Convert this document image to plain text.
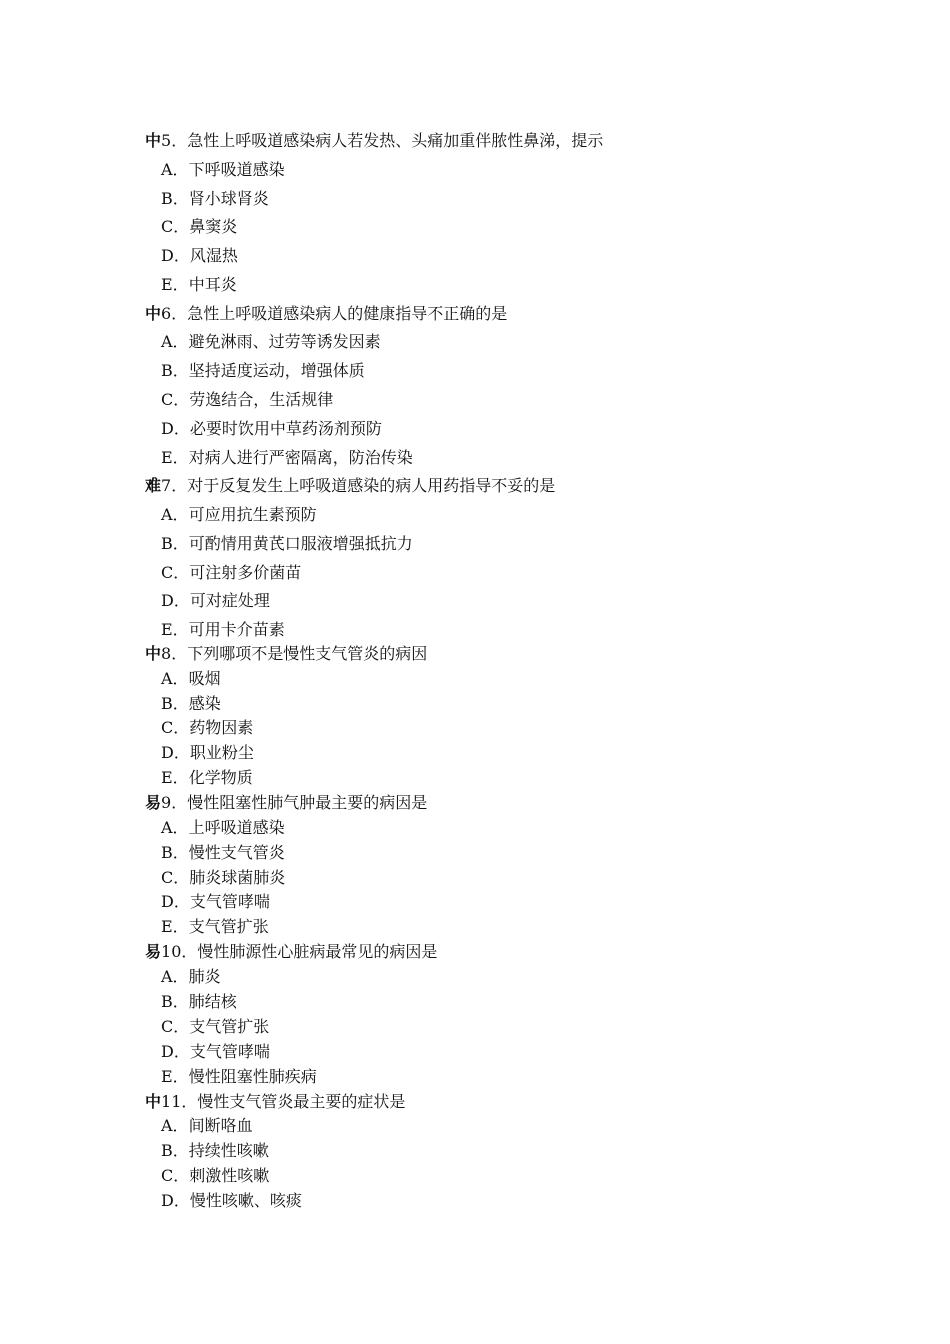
中5．急性上呼吸道感染病人若发热、头痛加重伴脓性鼻涕，提示
A．下呼吸道感染
B．肾小球肾炎
C．鼻窦炎
D．风湿热
E．中耳炎
中6．急性上呼吸道感染病人的健康指导不正确的是
A．避免淋雨、过劳等诱发因素
B．坚持适度运动，增强体质
C．劳逸结合，生活规律
D．必要时饮用中草药汤剂预防
E．对病人进行严密隔离，防治传染
难7．对于反复发生上呼吸道感染的病人用药指导不妥的是
A．可应用抗生素预防
B．可酌情用黄芪口服液增强抵抗力
C．可注射多价菌苗
D．可对症处理
E．可用卡介苗素
中8．下列哪项不是慢性支气管炎的病因
A．吸烟
B．感染
C．药物因素
D．职业粉尘
E．化学物质
易9．慢性阻塞性肺气肿最主要的病因是
A．上呼吸道感染
B．慢性支气管炎
C．肺炎球菌肺炎
D．支气管哮喘
E．支气管扩张
易10．慢性肺源性心脏病最常见的病因是
A．肺炎
B．肺结核
C．支气管扩张
D．支气管哮喘
E．慢性阻塞性肺疾病
中11．慢性支气管炎最主要的症状是
A．间断咯血
B．持续性咳嗽
C．刺激性咳嗽
D．慢性咳嗽、咳痰
